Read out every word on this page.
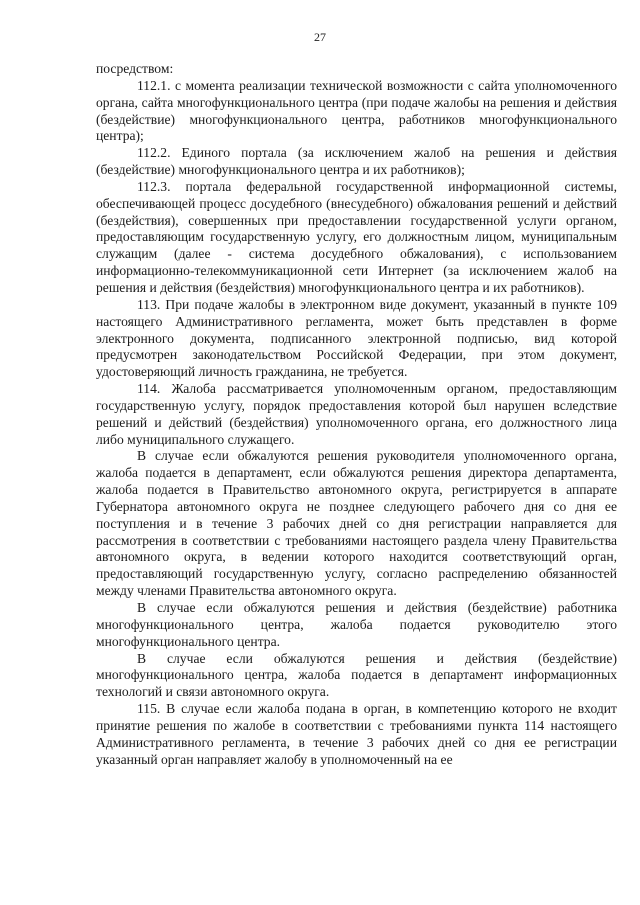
27

посредством:

112.1. с момента реализации технической возможности с сайта уполномоченного органа, сайта многофункционального центра (при подаче жалобы на решения и действия (бездействие) многофункционального центра, работников многофункционального центра);

112.2. Единого портала (за исключением жалоб на решения и действия (бездействие) многофункционального центра и их работников);

112.3. портала федеральной государственной информационной системы, обеспечивающей процесс досудебного (внесудебного) обжалования решений и действий (бездействия), совершенных при предоставлении государственной услуги органом, предоставляющим государственную услугу, его должностным лицом, муниципальным служащим (далее - система досудебного обжалования), с использованием информационно-телекоммуникационной сети Интернет (за исключением жалоб на решения и действия (бездействия) многофункционального центра и их работников).

113. При подаче жалобы в электронном виде документ, указанный в пункте 109 настоящего Административного регламента, может быть представлен в форме электронного документа, подписанного электронной подписью, вид которой предусмотрен законодательством Российской Федерации, при этом документ, удостоверяющий личность гражданина, не требуется.

114. Жалоба рассматривается уполномоченным органом, предоставляющим государственную услугу, порядок предоставления которой был нарушен вследствие решений и действий (бездействия) уполномоченного органа, его должностного лица либо муниципального служащего.

В случае если обжалуются решения руководителя уполномоченного органа, жалоба подается в департамент, если обжалуются решения директора департамента, жалоба подается в Правительство автономного округа, регистрируется в аппарате Губернатора автономного округа не позднее следующего рабочего дня со дня ее поступления и в течение 3 рабочих дней со дня регистрации направляется для рассмотрения в соответствии с требованиями настоящего раздела члену Правительства автономного округа, в ведении которого находится соответствующий орган, предоставляющий государственную услугу, согласно распределению обязанностей между членами Правительства автономного округа.

В случае если обжалуются решения и действия (бездействие) работника многофункционального центра, жалоба подается руководителю этого многофункционального центра.

В случае если обжалуются решения и действия (бездействие) многофункционального центра, жалоба подается в департамент информационных технологий и связи автономного округа.

115. В случае если жалоба подана в орган, в компетенцию которого не входит принятие решения по жалобе в соответствии с требованиями пункта 114 настоящего Административного регламента, в течение 3 рабочих дней со дня ее регистрации указанный орган направляет жалобу в уполномоченный на ее
